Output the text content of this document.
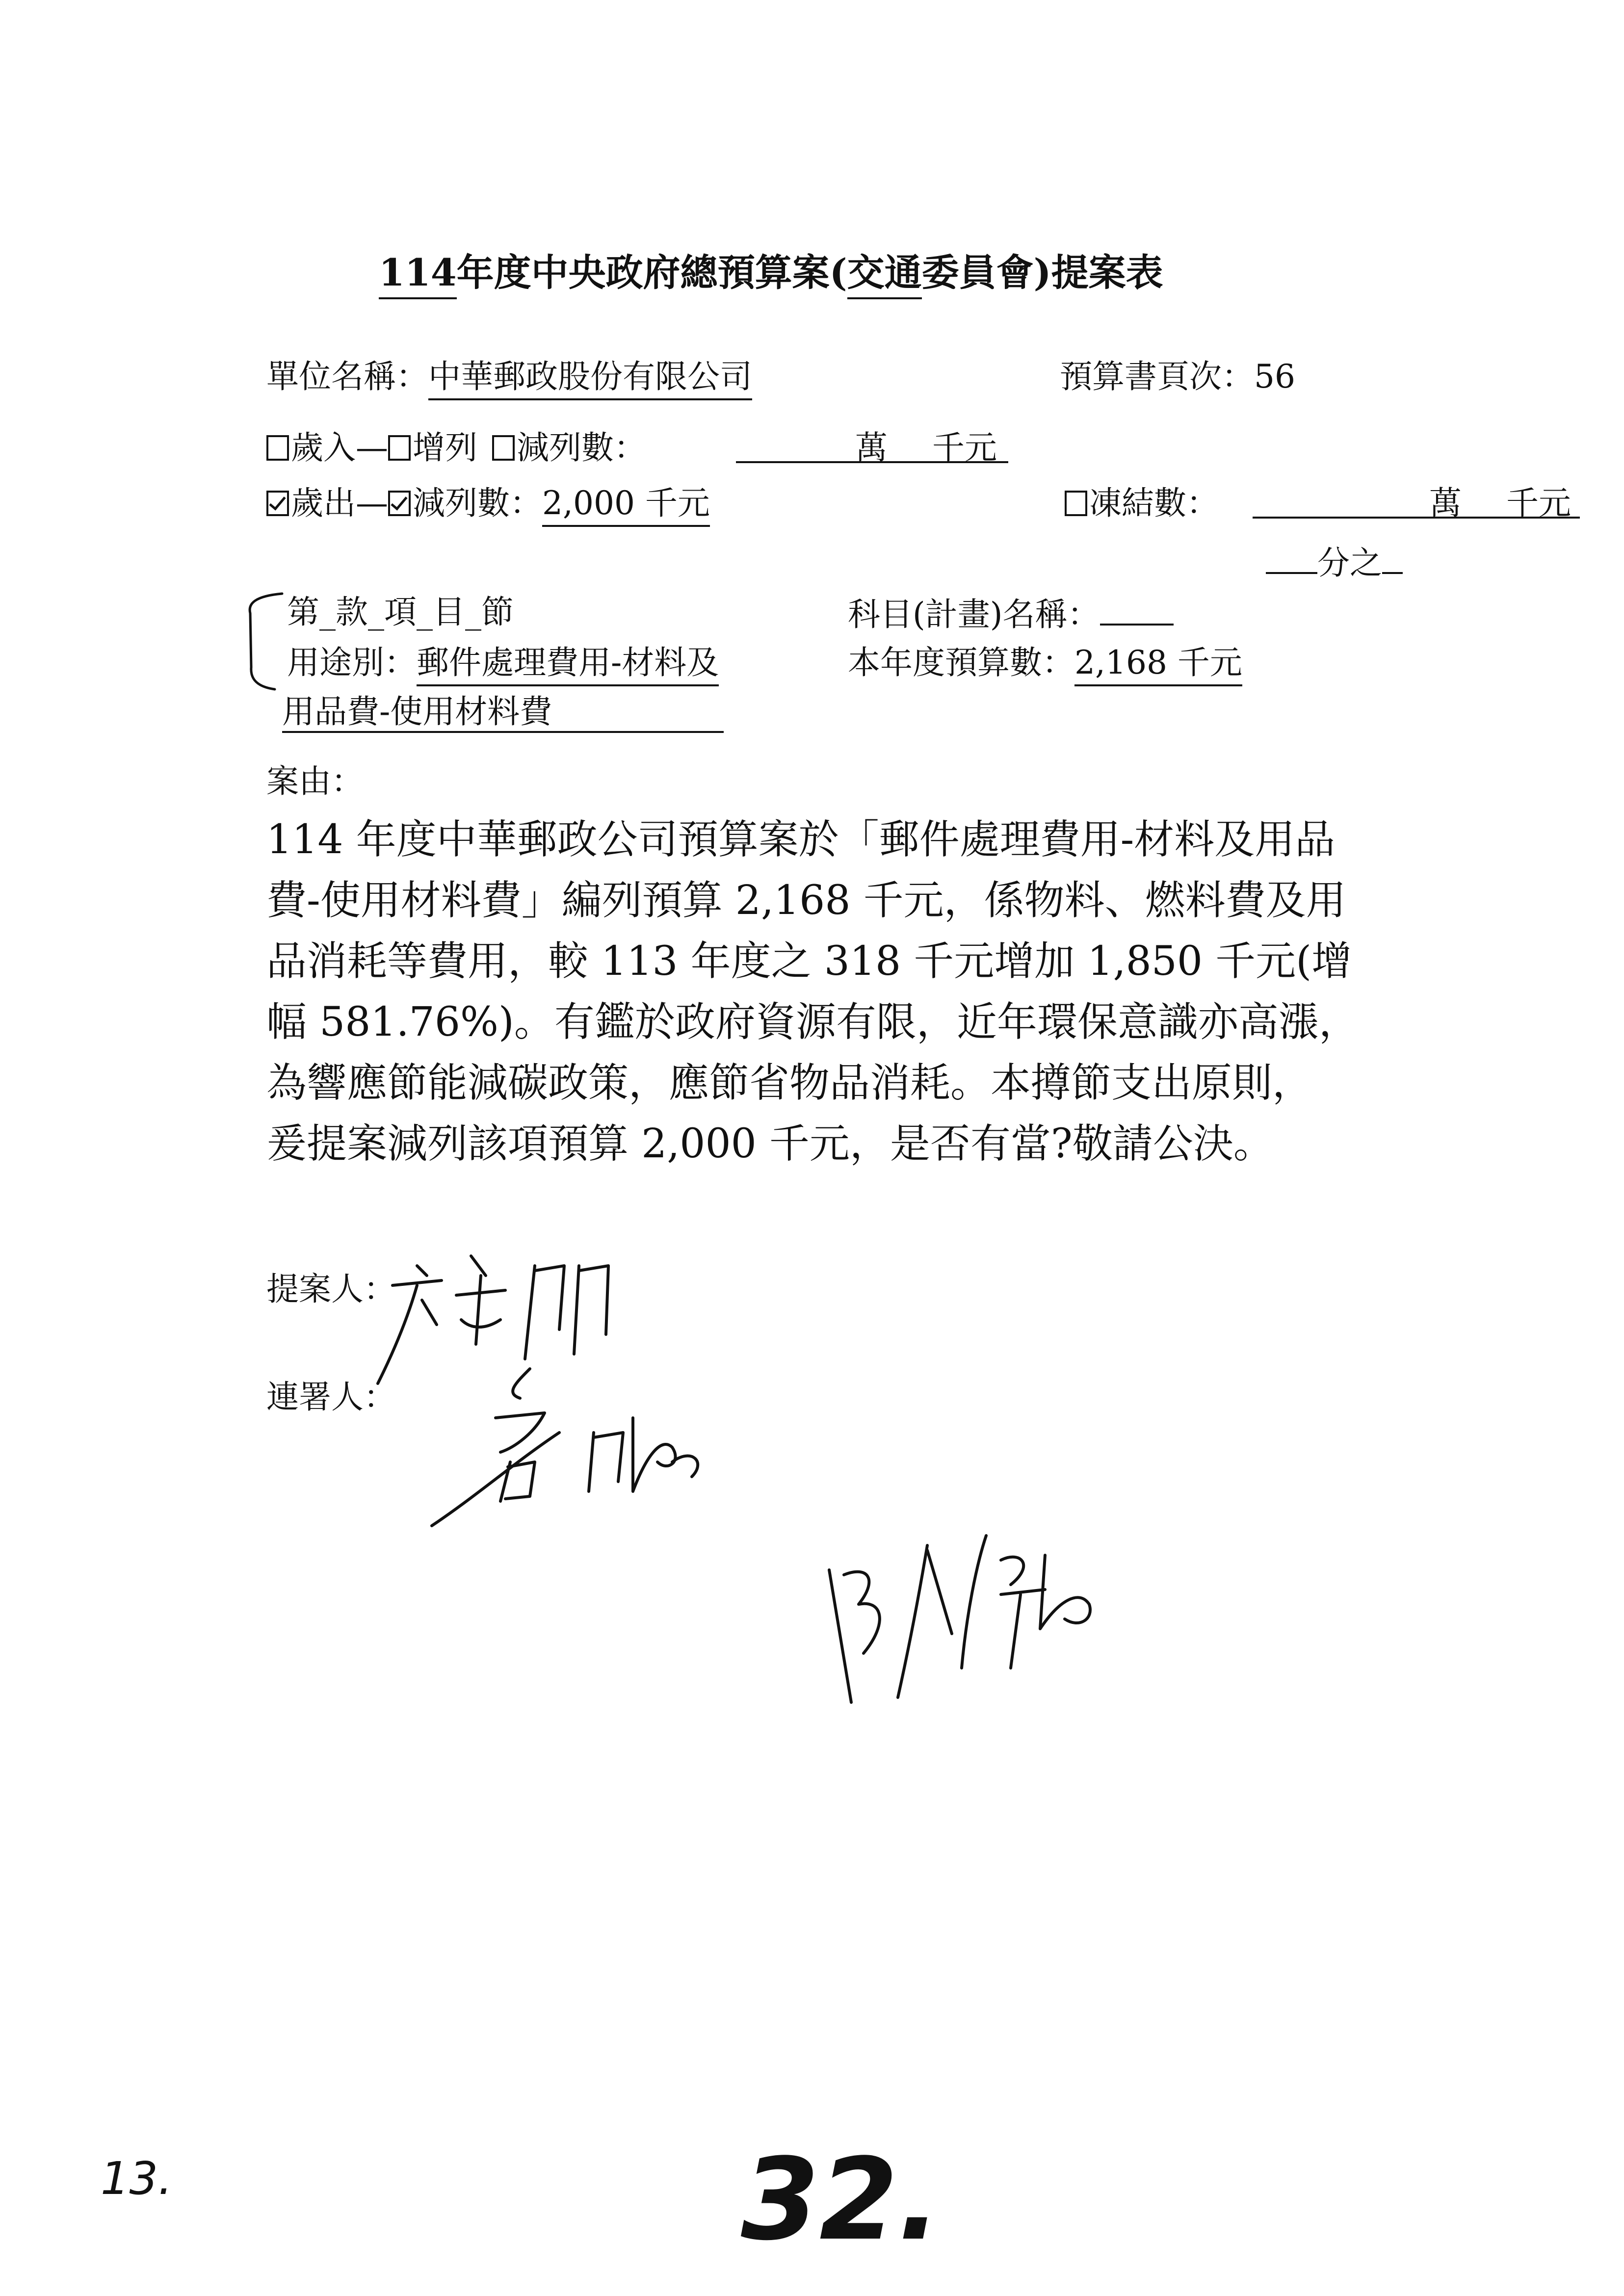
114年度中央政府總預算案(交通委員會)提案表
單位名稱：中華郵政股份有限公司	預算書頁次：56
歲入— 增列 減列數：	萬 千元
歲出— 減列數：2,000 千元	凍結數：	萬 千元
分之
第_款_項_目_節	科目(計畫)名稱：
用途別：郵件處理費用-材料及	本年度預算數：2,168 千元
用品費-使用材料費
案由：
114 年度中華郵政公司預算案於「郵件處理費用-材料及用品
費-使用材料費」編列預算 2,168 千元，係物料、燃料費及用
品消耗等費用，較 113 年度之 318 千元增加 1,850 千元(增
幅 581.76%)。有鑑於政府資源有限，近年環保意識亦高漲，
為響應節能減碳政策，應節省物品消耗。本撙節支出原則，
爰提案減列該項預算 2,000 千元，是否有當?敬請公決。
提案人：
連署人：
13.	32.
